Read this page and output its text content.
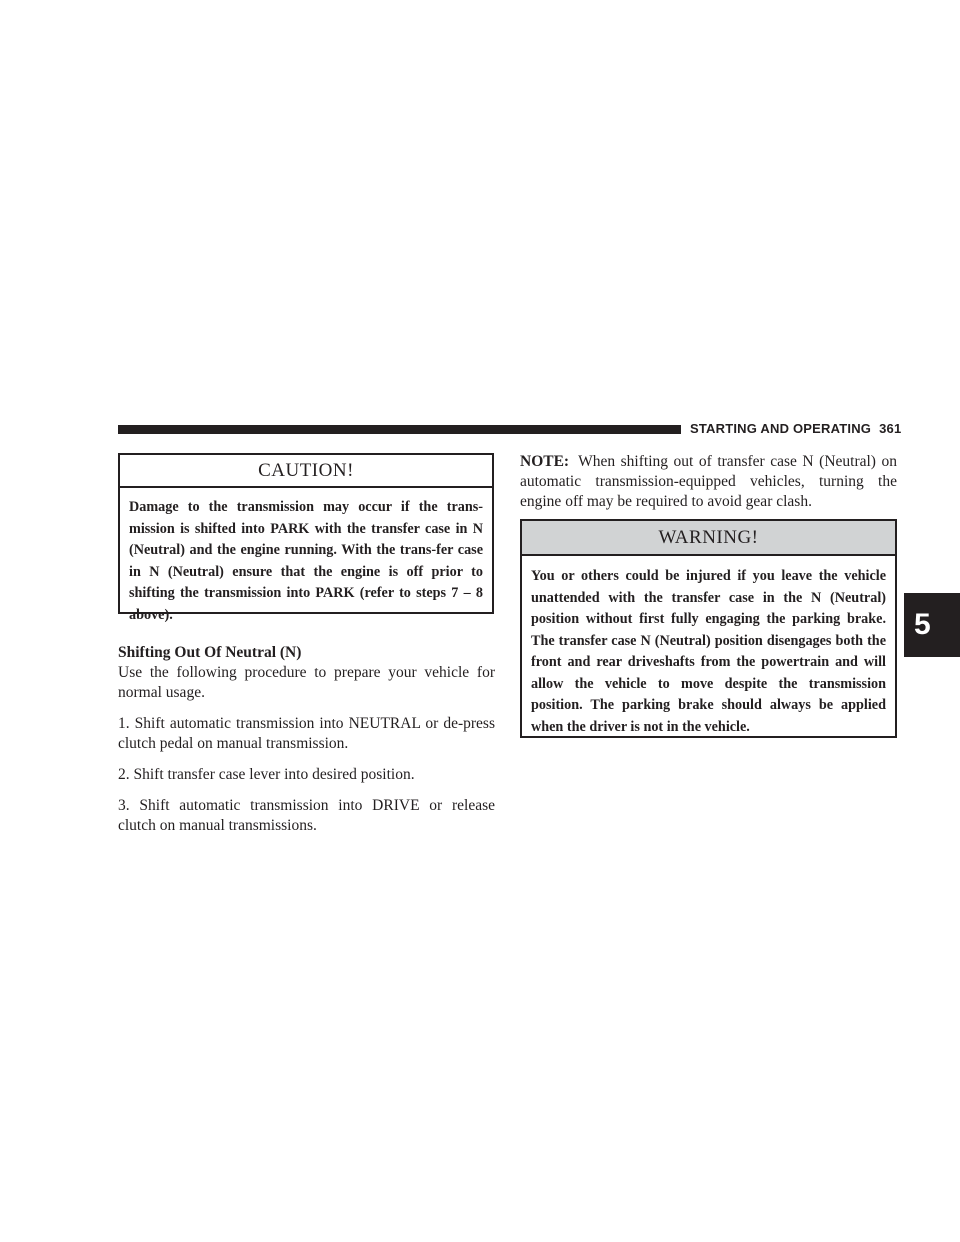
STARTING AND OPERATING 361
5
CAUTION!
Damage to the transmission may occur if the trans-mission is shifted into PARK with the transfer case in N (Neutral) and the engine running. With the trans-fer case in N (Neutral) ensure that the engine is off prior to shifting the transmission into PARK (refer to steps 7 – 8 above).
Shifting Out Of Neutral (N)

Use the following procedure to prepare your vehicle for normal usage.

1. Shift automatic transmission into NEUTRAL or de-press clutch pedal on manual transmission.

2. Shift transfer case lever into desired position.

3. Shift automatic transmission into DRIVE or release clutch on manual transmissions.

NOTE: When shifting out of transfer case N (Neutral) on automatic transmission-equipped vehicles, turning the engine off may be required to avoid gear clash.

WARNING!
You or others could be injured if you leave the vehicle unattended with the transfer case in the N (Neutral) position without first fully engaging the parking brake. The transfer case N (Neutral) position disengages both the front and rear driveshafts from the powertrain and will allow the vehicle to move despite the transmission position. The parking brake should always be applied when the driver is not in the vehicle.
